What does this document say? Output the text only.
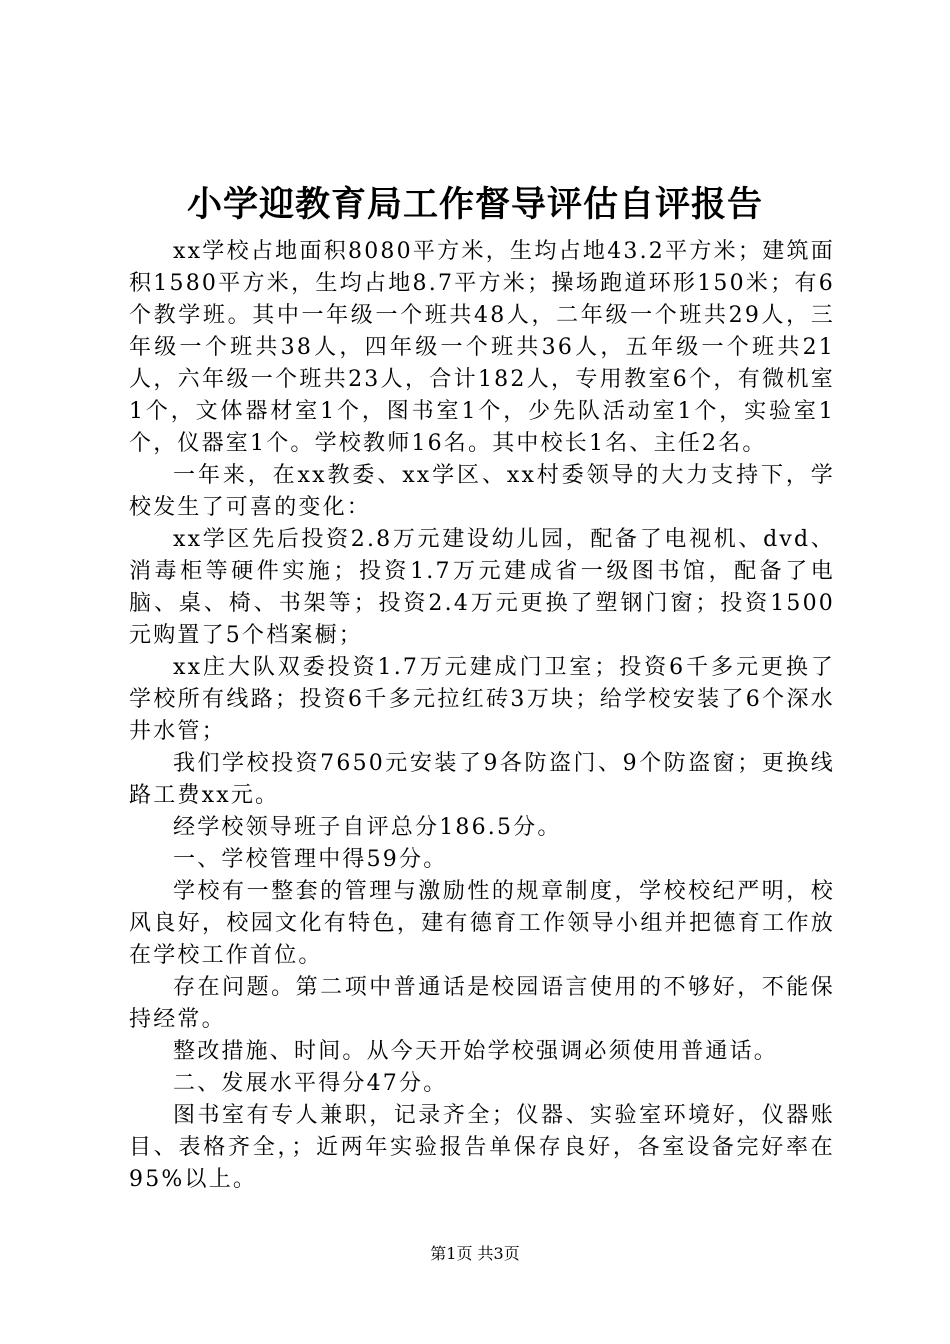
小学迎教育局工作督导评估自评报告

xx学校占地面积8080平方米，生均占地43.2平方米；建筑面积1580平方米，生均占地8.7平方米；操场跑道环形150米；有6个教学班。其中一年级一个班共48人，二年级一个班共29人，三年级一个班共38人，四年级一个班共36人，五年级一个班共21人，六年级一个班共23人，合计182人，专用教室6个，有微机室1个，文体器材室1个，图书室1个，少先队活动室1个，实验室1个，仪器室1个。学校教师16名。其中校长1名、主任2名。

一年来，在xx教委、xx学区、xx村委领导的大力支持下，学校发生了可喜的变化：

xx学区先后投资2.8万元建设幼儿园，配备了电视机、dvd、消毒柜等硬件实施；投资1.7万元建成省一级图书馆，配备了电脑、桌、椅、书架等；投资2.4万元更换了塑钢门窗；投资1500元购置了5个档案橱；

xx庄大队双委投资1.7万元建成门卫室；投资6千多元更换了学校所有线路；投资6千多元拉红砖3万块；给学校安装了6个深水井水管；

我们学校投资7650元安装了9各防盗门、9个防盗窗；更换线路工费xx元。

经学校领导班子自评总分186.5分。

一、学校管理中得59分。

学校有一整套的管理与激励性的规章制度，学校校纪严明，校风良好，校园文化有特色，建有德育工作领导小组并把德育工作放在学校工作首位。

存在问题。第二项中普通话是校园语言使用的不够好，不能保持经常。

整改措施、时间。从今天开始学校强调必须使用普通话。

二、发展水平得分47分。

图书室有专人兼职，记录齐全；仪器、实验室环境好，仪器账目、表格齐全，；近两年实验报告单保存良好，各室设备完好率在95%以上。

第1页 共3页
